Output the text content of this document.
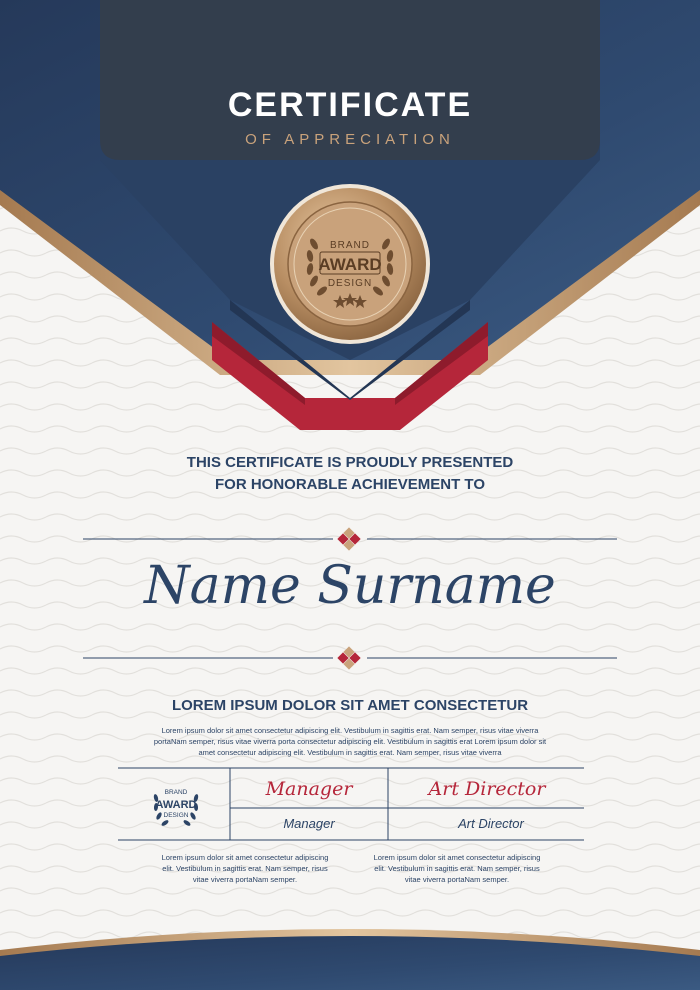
BRAND
AWARD
DESIGN
BRAND
AWARD
DESIGN
CERTIFICATE
OF APPRECIATION
THIS CERTIFICATE IS PROUDLY PRESENTED
FOR HONORABLE ACHIEVEMENT TO
Name Surname
LOREM IPSUM DOLOR SIT AMET CONSECTETUR
Lorem ipsum dolor sit amet consectetur adipiscing elit. Vestibulum in sagittis erat. Nam semper, risus vitae viverra portaNam semper, risus vitae viverra porta consectetur adipiscing elit. Vestibulum in sagittis erat Lorem ipsum dolor sit amet consectetur adipiscing elit. Vestibulum in sagittis erat. Nam semper, risus vitae viverra
Manager
Manager
Art Director
Art Director
Lorem ipsum dolor sit amet consectetur adipiscing elit. Vestibulum in sagittis erat. Nam semper, risus vitae viverra portaNam semper.
Lorem ipsum dolor sit amet consectetur adipiscing elit. Vestibulum in sagittis erat. Nam semper, risus vitae viverra portaNam semper.
